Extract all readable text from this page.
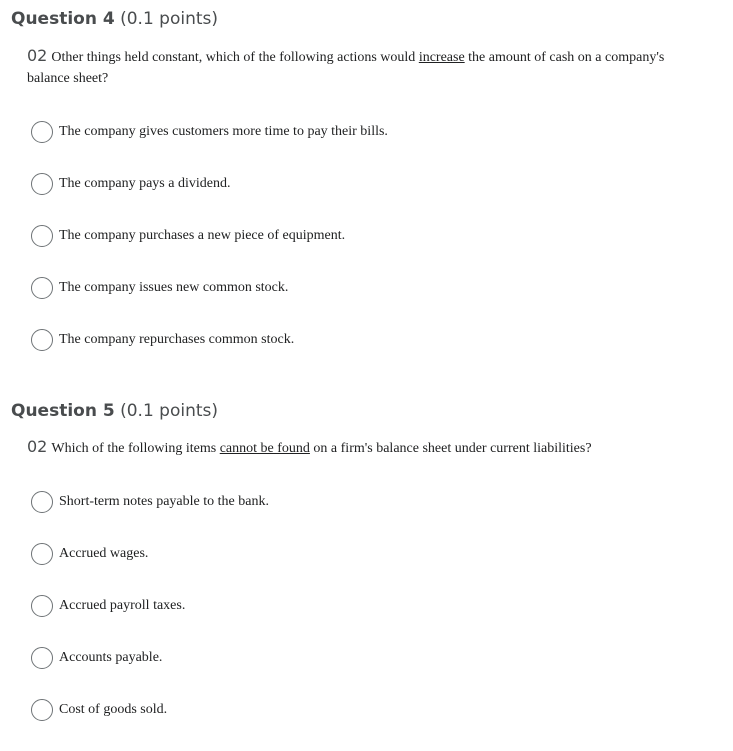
Question 4 (0.1 points)

02 Other things held constant, which of the following actions would increase the amount of cash on a company's balance sheet?

The company gives customers more time to pay their bills.
The company pays a dividend.
The company purchases a new piece of equipment.
The company issues new common stock.
The company repurchases common stock.
Question 5 (0.1 points)

02 Which of the following items cannot be found on a firm's balance sheet under current liabilities?

Short-term notes payable to the bank.
Accrued wages.
Accrued payroll taxes.
Accounts payable.
Cost of goods sold.
